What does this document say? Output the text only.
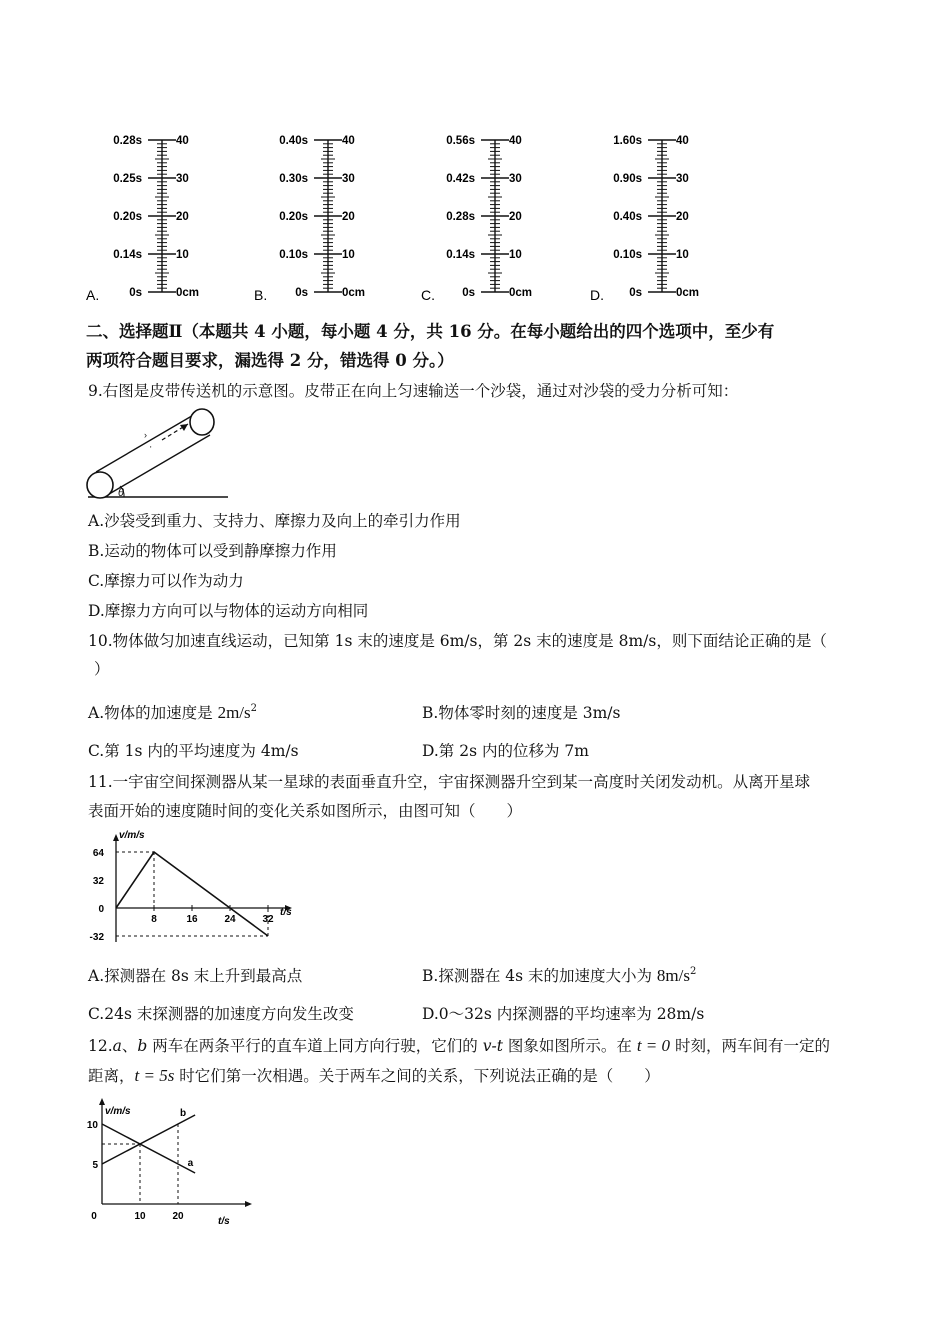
A.
0.28s	40
0.25s	30
0.20s	20
0.14s	10
0s	0cm	B.
0.40s	40
0.30s	30
0.20s	20
0.10s	10
0s	0cm	C.
0.56s	40
0.42s	30
0.28s	20
0.14s	10
0s	0cm	D.
1.60s	40
0.90s	30
0.40s	20
0.10s	10
0s	0cm
二、选择题Ⅱ（本题共 4 小题，每小题 4 分，共 16 分。在每小题给出的四个选项中，至少有
两项符合题目要求，漏选得 2 分，错选得 0 分。）
9.右图是皮带传送机的示意图。皮带正在向上匀速输送一个沙袋，通过对沙袋的受力分析可知：
›
'
θ
A.沙袋受到重力、支持力、摩擦力及向上的牵引力作用
B.运动的物体可以受到静摩擦力作用
C.摩擦力可以作为动力
D.摩擦力方向可以与物体的运动方向相同
10.物体做匀加速直线运动，已知第 1s 末的速度是 6m/s，第 2s 末的速度是 8m/s，则下面结论正确的是（
）
A.物体的加速度是 $2m/s^2$	B.物体零时刻的速度是 3m/s
C.第 1s 内的平均速度为 4m/s	D.第 2s 内的位移为 7m
11.一宇宙空间探测器从某一星球的表面垂直升空，宇宙探测器升空到某一高度时关闭发动机。从离开星球
表面开始的速度随时间的变化关系如图所示，由图可知（　　）
v/m/s
t/s
64
32
0
-32
8	16	24	32
A.探测器在 8s 末上升到最高点	B.探测器在 4s 末的加速度大小为 $8m/s^2$
C.24s 末探测器的加速度方向发生改变	D.0～32s 内探测器的平均速率为 28m/s
12.a、b 两车在两条平行的直车道上同方向行驶，它们的 v-t 图象如图所示。在 t = 0 时刻，两车间有一定的
距离，t = 5s 时它们第一次相遇。关于两车之间的关系，下列说法正确的是（　　）
v/m/s
t/s
10
5
0	10	20
b
a
